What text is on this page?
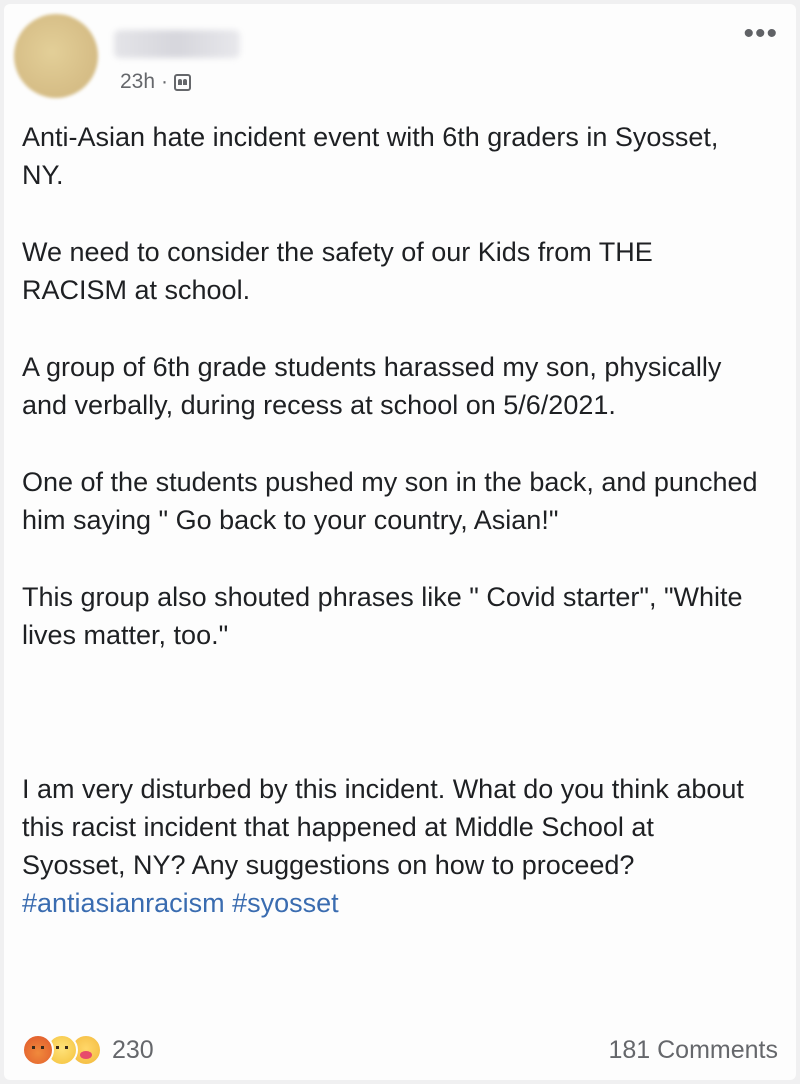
23h ·
•••

Anti-Asian hate incident event with 6th graders in Syosset, NY.

We need to consider the safety of our Kids from THE RACISM at school.

A group of 6th grade students harassed my son, physically and verbally, during recess at school on 5/6/2021.

One of the students pushed my son in the back, and punched him saying " Go back to your country, Asian!"

This group also shouted phrases like " Covid starter", "White lives matter, too."

I am very disturbed by this incident. What do you think about this racist incident that happened at Middle School at Syosset, NY? Any suggestions on how to proceed?

#antiasianracism #syosset

230	181 Comments
